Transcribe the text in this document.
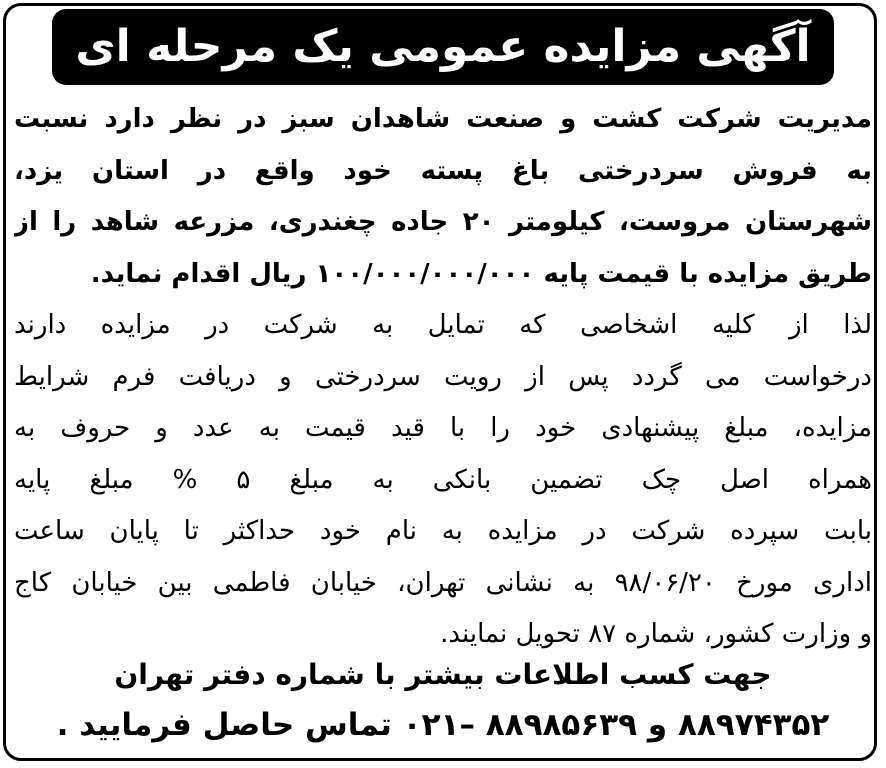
آگهی مزایده عمومی یک مرحله ای
مدیریت شرکت کشت و صنعت شاهدان سبز در نظر دارد نسبت
به فروش سردرختی باغ پسته خود واقع در استان یزد،
شهرستان مروست، کیلومتر ۲۰ جاده چغندری، مزرعه شاهد را از
طریق مزایده با قیمت پایه ۱۰۰/۰۰۰/۰۰۰/۰۰۰ ریال اقدام نماید.
لذا از کلیه اشخاصی که تمایل به شرکت در مزایده دارند
درخواست می گردد پس از رویت سردرختی و دریافت فرم شرایط
مزایده، مبلغ پیشنهادی خود را با قید قیمت به عدد و حروف به
همراه اصل چک تضمین بانکی به مبلغ ۵ % مبلغ پایه
بابت سپرده شرکت در مزایده به نام خود حداکثر تا پایان ساعت
اداری مورخ ۹۸/۰۶/۲۰ به نشانی تهران، خیابان فاطمی بین خیابان کاج
و وزارت کشور، شماره ۸۷ تحویل نمایند.
جهت کسب اطلاعات بیشتر با شماره دفتر تهران
۸۸۹۷۴۳۵۲ و ۸۸۹۸۵۶۳۹ –۰۲۱ تماس حاصل فرمایید .
